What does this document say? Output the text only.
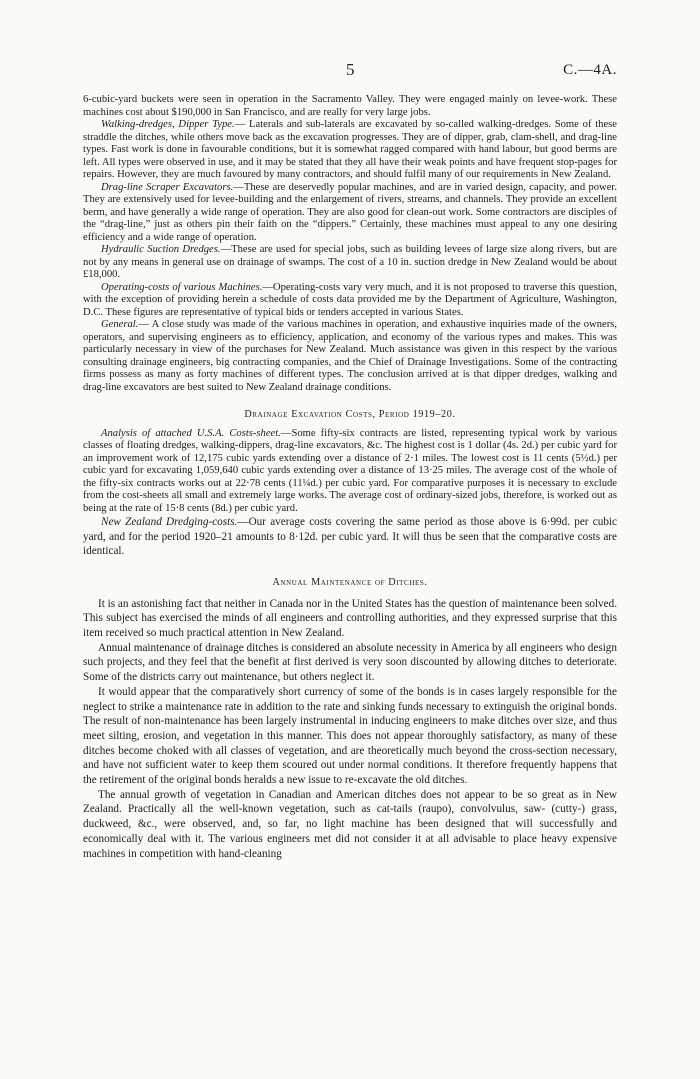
5	C.—4A.

6-cubic-yard buckets were seen in operation in the Sacramento Valley. They were engaged mainly on levee-work. These machines cost about $190,000 in San Francisco, and are really for very large jobs.

Walking-dredges, Dipper Type.— Laterals and sub-laterals are excavated by so-called walking-dredges. Some of these straddle the ditches, while others move back as the excavation progresses. They are of dipper, grab, clam-shell, and drag-line types. Fast work is done in favourable conditions, but it is somewhat ragged compared with hand labour, but good berms are left. All types were observed in use, and it may be stated that they all have their weak points and have frequent stop-pages for repairs. However, they are much favoured by many contractors, and should fulfil many of our requirements in New Zealand.

Drag-line Scraper Excavators.—These are deservedly popular machines, and are in varied design, capacity, and power. They are extensively used for levee-building and the enlargement of rivers, streams, and channels. They provide an excellent berm, and have generally a wide range of operation. They are also good for clean-out work. Some contractors are disciples of the “drag-line,” just as others pin their faith on the “dippers.” Certainly, these machines must appeal to any one desiring efficiency and a wide range of operation.

Hydraulic Suction Dredges.—These are used for special jobs, such as building levees of large size along rivers, but are not by any means in general use on drainage of swamps. The cost of a 10 in. suction dredge in New Zealand would be about £18,000.

Operating-costs of various Machines.—Operating-costs vary very much, and it is not proposed to traverse this question, with the exception of providing herein a schedule of costs data provided me by the Department of Agriculture, Washington, D.C. These figures are representative of typical bids or tenders accepted in various States.

General.— A close study was made of the various machines in operation, and exhaustive inquiries made of the owners, operators, and supervising engineers as to efficiency, application, and economy of the various types and makes. This was particularly necessary in view of the purchases for New Zealand. Much assistance was given in this respect by the various consulting drainage engineers, big contracting companies, and the Chief of Drainage Investigations. Some of the contracting firms possess as many as forty machines of different types. The conclusion arrived at is that dipper dredges, walking and drag-line excavators are best suited to New Zealand drainage conditions.

Drainage Excavation Costs, Period 1919–20.

Analysis of attached U.S.A. Costs-sheet.—Some fifty-six contracts are listed, representing typical work by various classes of floating dredges, walking-dippers, drag-line excavators, &c. The highest cost is 1 dollar (4s. 2d.) per cubic yard for an improvement work of 12,175 cubic yards extending over a distance of 2·1 miles. The lowest cost is 11 cents (5½d.) per cubic yard for excavating 1,059,640 cubic yards extending over a distance of 13·25 miles. The average cost of the whole of the fifty-six contracts works out at 22·78 cents (11¼d.) per cubic yard. For comparative purposes it is necessary to exclude from the cost-sheets all small and extremely large works. The average cost of ordinary-sized jobs, therefore, is worked out as being at the rate of 15·8 cents (8d.) per cubic yard.

New Zealand Dredging-costs.—Our average costs covering the same period as those above is 6·99d. per cubic yard, and for the period 1920–21 amounts to 8·12d. per cubic yard. It will thus be seen that the comparative costs are identical.

Annual Maintenance of Ditches.

It is an astonishing fact that neither in Canada nor in the United States has the question of maintenance been solved. This subject has exercised the minds of all engineers and controlling authorities, and they expressed surprise that this item received so much practical attention in New Zealand.

Annual maintenance of drainage ditches is considered an absolute necessity in America by all engineers who design such projects, and they feel that the benefit at first derived is very soon discounted by allowing ditches to deteriorate. Some of the districts carry out maintenance, but others neglect it.

It would appear that the comparatively short currency of some of the bonds is in cases largely responsible for the neglect to strike a maintenance rate in addition to the rate and sinking funds necessary to extinguish the original bonds. The result of non-maintenance has been largely instrumental in inducing engineers to make ditches over size, and thus meet silting, erosion, and vegetation in this manner. This does not appear thoroughly satisfactory, as many of these ditches become choked with all classes of vegetation, and are theoretically much beyond the cross-section necessary, and have not sufficient water to keep them scoured out under normal conditions. It therefore frequently happens that the retirement of the original bonds heralds a new issue to re-excavate the old ditches.

The annual growth of vegetation in Canadian and American ditches does not appear to be so great as in New Zealand. Practically all the well-known vegetation, such as cat-tails (raupo), convolvulus, saw- (cutty-) grass, duckweed, &c., were observed, and, so far, no light machine has been designed that will successfully and economically deal with it. The various engineers met did not consider it at all advisable to place heavy expensive machines in competition with hand-cleaning
